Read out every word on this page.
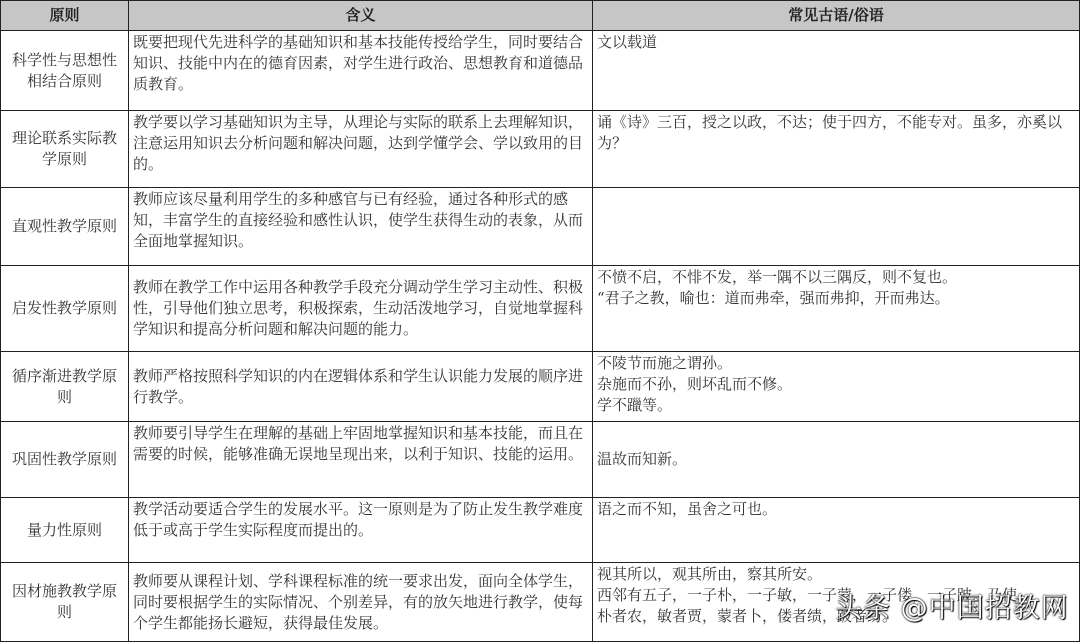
原则	含义	常见古语/俗语
科学性与思想性相结合原则	既要把现代先进科学的基础知识和基本技能传授给学生，同时要结合知识、技能中内在的德育因素，对学生进行政治、思想教育和道德品质教育。	文以载道

理论联系实际教学原则	教学要以学习基础知识为主导，从理论与实际的联系上去理解知识，注意运用知识去分析问题和解决问题，达到学懂学会、学以致用的目的。	诵《诗》三百，授之以政，不达；使于四方，不能专对。虽多，亦奚以为？

直观性教学原则	教师应该尽量利用学生的多种感官与已有经验，通过各种形式的感知，丰富学生的直接经验和感性认识，使学生获得生动的表象，从而全面地掌握知识。	

启发性教学原则	教师在教学工作中运用各种教学手段充分调动学生学习主动性、积极性，引导他们独立思考，积极探索，生动活泼地学习，自觉地掌握科学知识和提高分析问题和解决问题的能力。	不愤不启，不悱不发，举一隅不以三隅反，则不复也。
“君子之教，喻也：道而弗牵，强而弗抑，开而弗达。

循序渐进教学原则	教师严格按照科学知识的内在逻辑体系和学生认识能力发展的顺序进行教学。	不陵节而施之谓孙。
杂施而不孙，则坏乱而不修。
学不躐等。

巩固性教学原则	教师要引导学生在理解的基础上牢固地掌握知识和基本技能，而且在需要的时候，能够准确无误地呈现出来，以利于知识、技能的运用。	温故而知新。

量力性原则	教学活动要适合学生的发展水平。这一原则是为了防止发生教学难度低于或高于学生实际程度而提出的。	语之而不知，虽舍之可也。

因材施教教学原则	教师要从课程计划、学科课程标准的统一要求出发，面向全体学生，同时要根据学生的实际情况、个别差异，有的放矢地进行教学，使每个学生都能扬长避短，获得最佳发展。	视其所以，观其所由，察其所安。
西邻有五子，一子朴，一子敏，一子蒙，一子偻，一子跛，乃使
朴者农，敏者贾，蒙者卜，偻者绩，跛者纺。
头条 @中国招教网
